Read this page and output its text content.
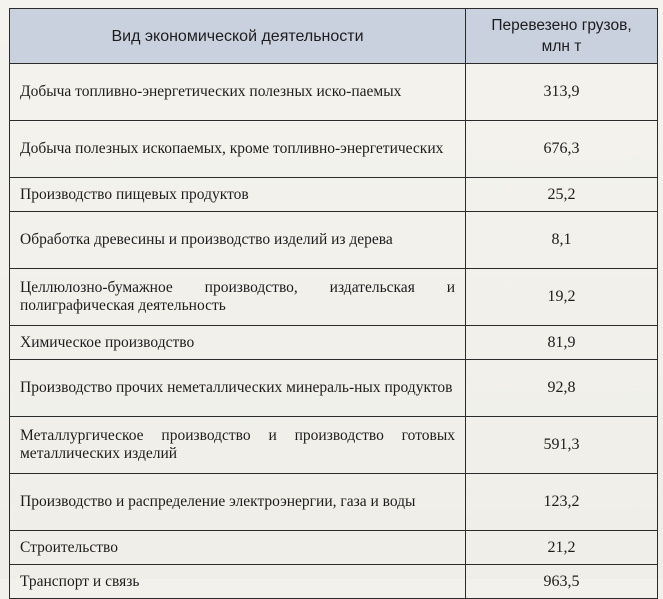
Вид экономической деятельности	Перевезено грузов,
млн т
Добыча топливно-энергетических полезных иско-паемых	313,9
Добыча полезных ископаемых, кроме топливно-энергетических	676,3
Производство пищевых продуктов	25,2
Обработка древесины и производство изделий из дерева	8,1
Целлюлозно-бумажное производство, издательская и полиграфическая деятельность	19,2
Химическое производство	81,9
Производство прочих неметаллических минераль-ных продуктов	92,8
Металлургическое производство и производство готовых металлических изделий	591,3
Производство и распределение электроэнергии, газа и воды	123,2
Строительство	21,2
Транспорт и связь	963,5
